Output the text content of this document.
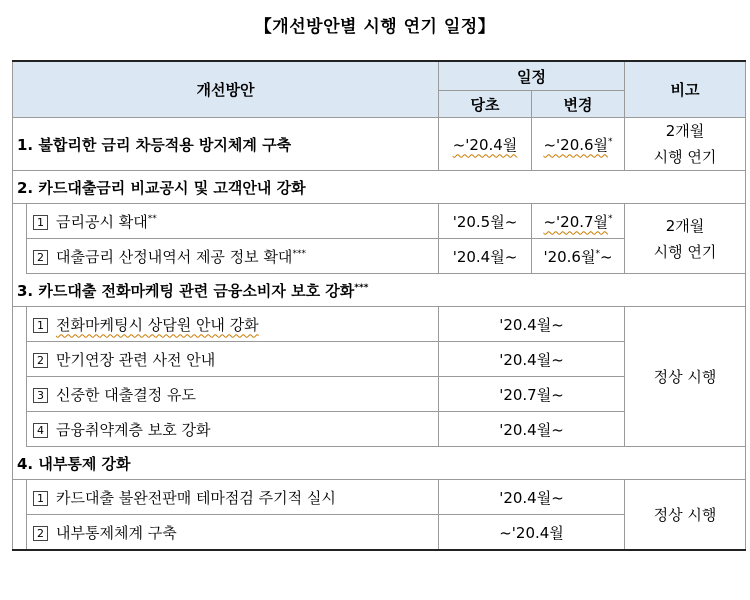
【개선방안별 시행 연기 일정】
개선방안		일정		비고
		당초	변경	
1. 불합리한 금리 차등적용 방지체계 구축		~'20.4월	~'20.6월*	2개월
시행 연기

2. 카드대출금리 비교공시 및 고객안내 강화				
	1 금리공시 확대**	'20.5월~	~'20.7월*	2개월
시행 연기

	2 대출금리 산정내역서 제공 정보 확대***	'20.4월~	'20.6월*~	
3. 카드대출 전화마케팅 관련 금융소비자 보호 강화***
	1 전화마케팅시 상담원 안내 강화	'20.4월~		정상 시행
	2 만기연장 관련 사전 안내	'20.4월~		
	3 신중한 대출결정 유도	'20.7월~		
	4 금융취약계층 보호 강화	'20.4월~		
4. 내부통제 강화				
	1 카드대출 불완전판매 테마점검 주기적 실시	'20.4월~		정상 시행
	2 내부통제체계 구축	~'20.4월		
